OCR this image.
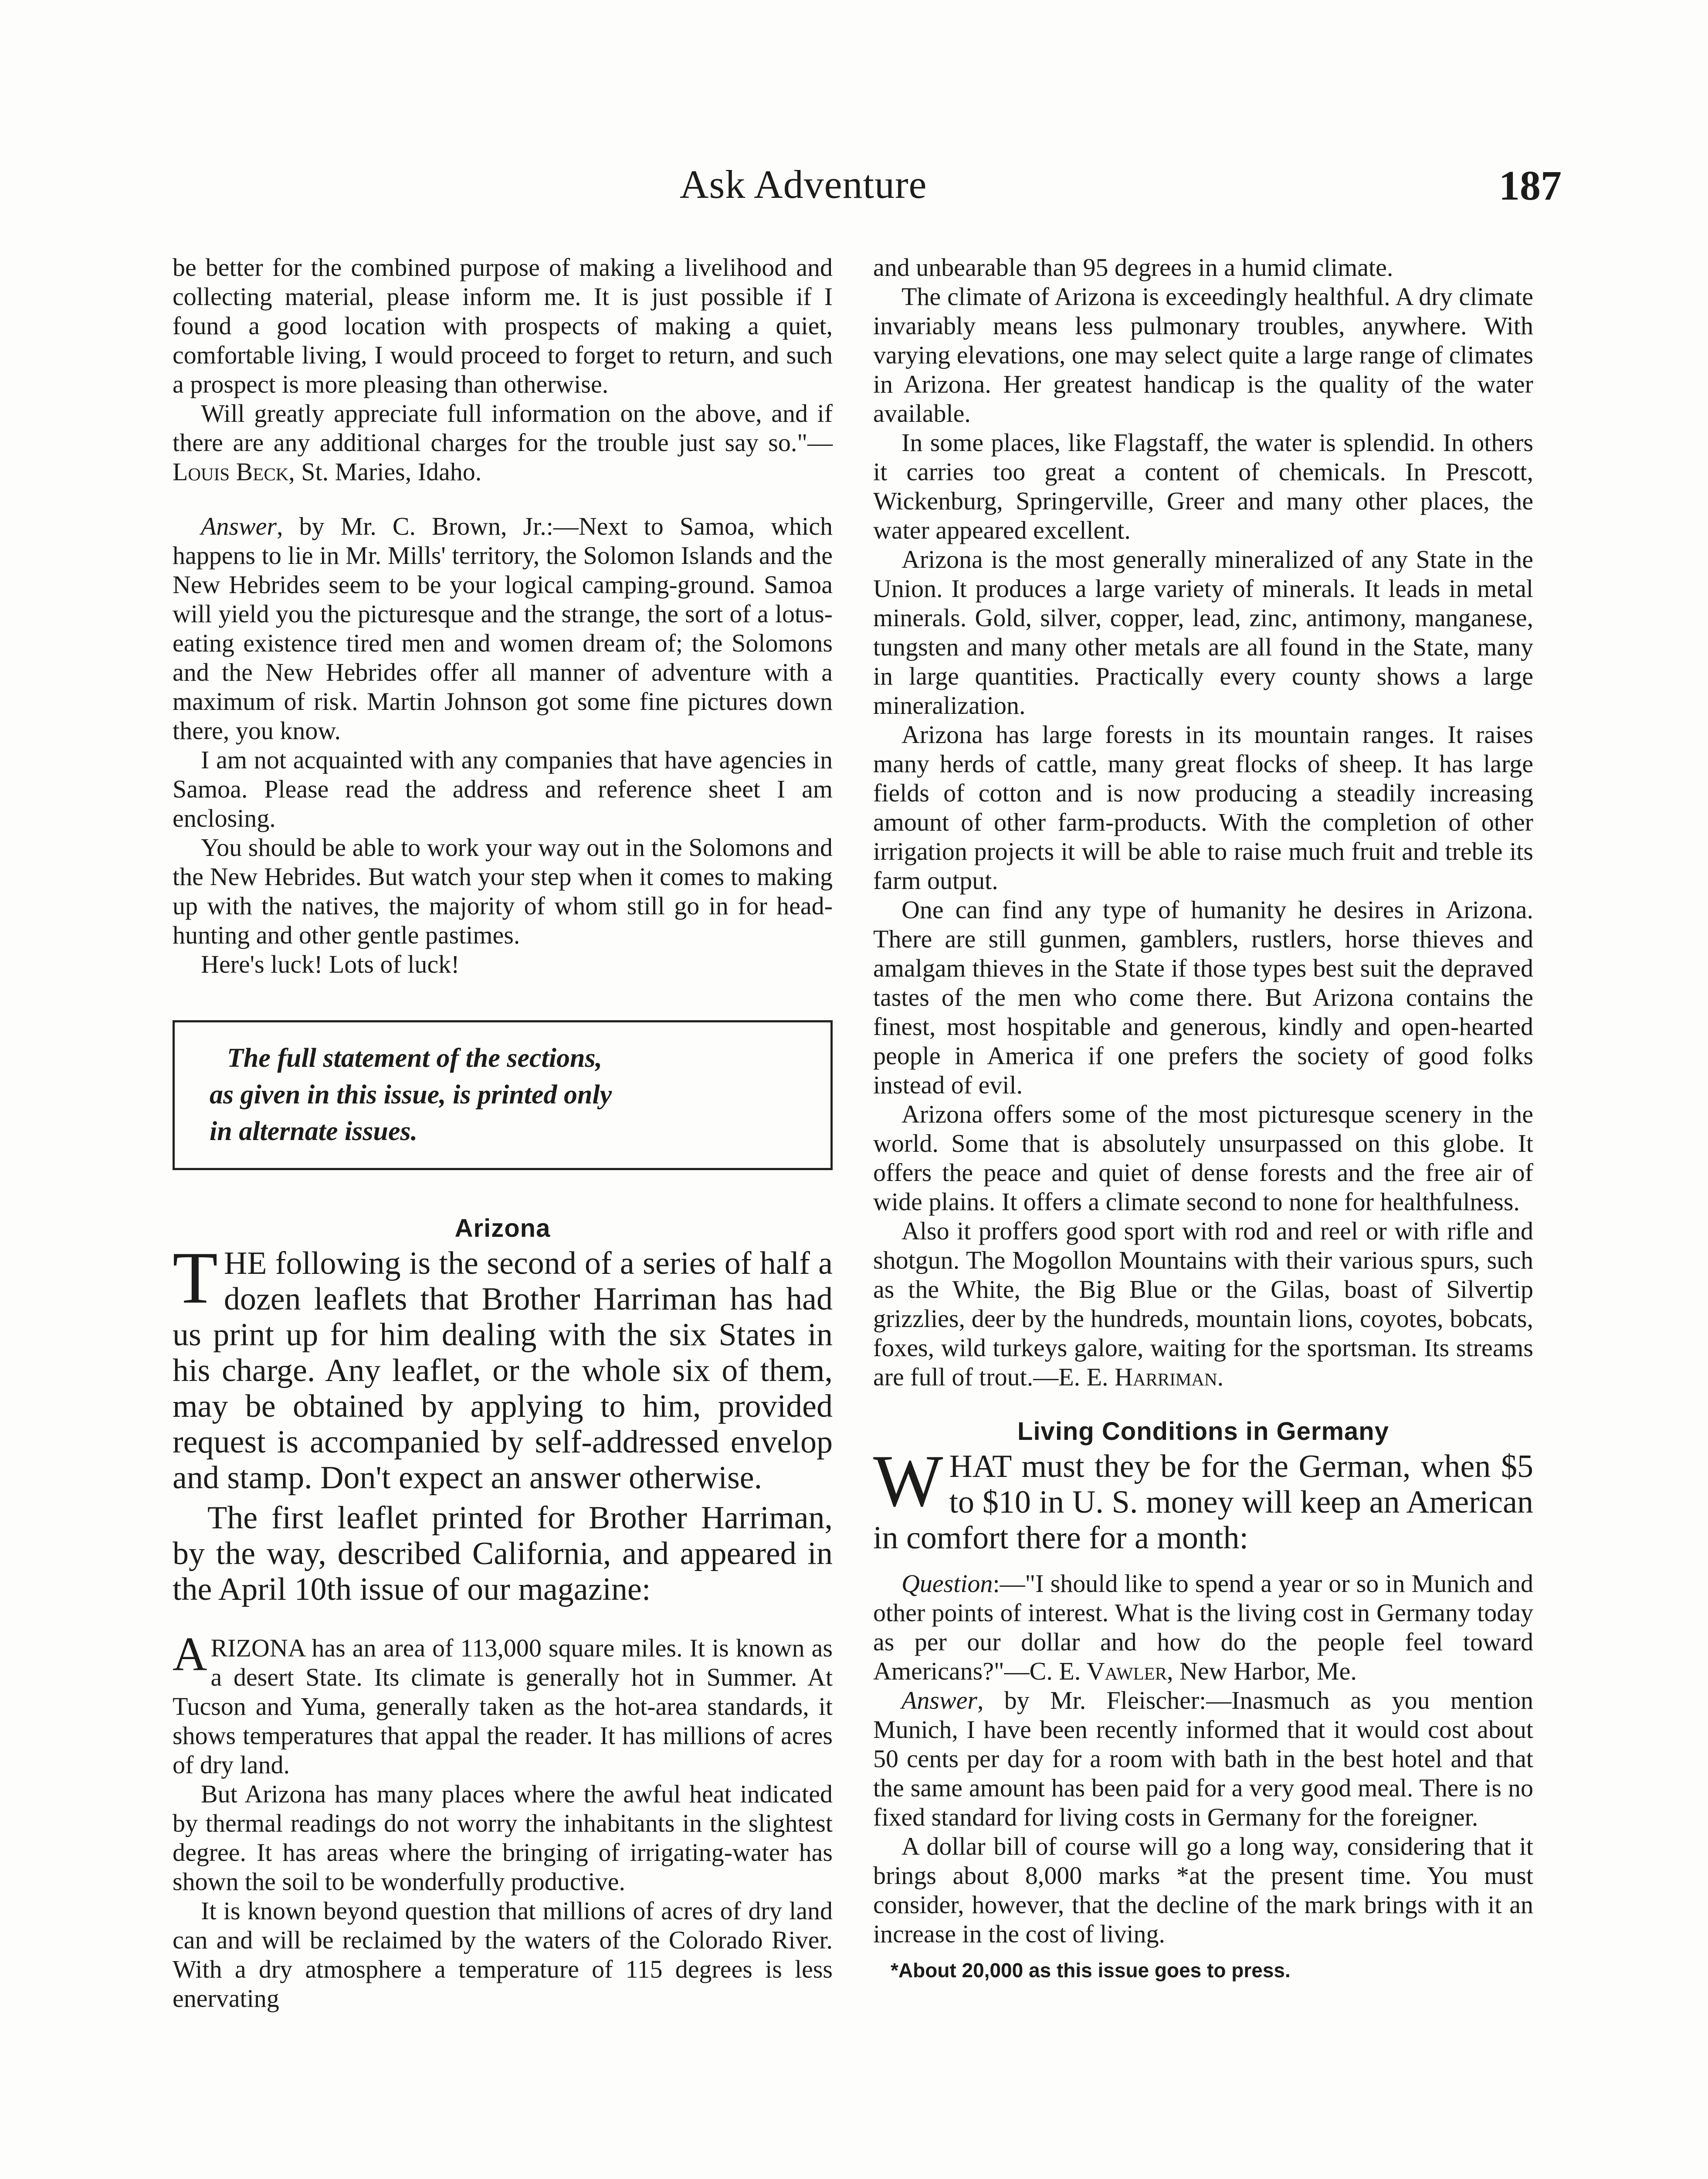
Ask Adventure	187

be better for the combined purpose of making a livelihood and collecting material, please inform me. It is just possible if I found a good location with prospects of making a quiet, comfortable living, I would proceed to forget to return, and such a prospect is more pleasing than otherwise.

Will greatly appreciate full information on the above, and if there are any additional charges for the trouble just say so."—Louis Beck, St. Maries, Idaho.

Answer, by Mr. C. Brown, Jr.:—Next to Samoa, which happens to lie in Mr. Mills' territory, the Solomon Islands and the New Hebrides seem to be your logical camping-ground. Samoa will yield you the picturesque and the strange, the sort of a lotus-eating existence tired men and women dream of; the Solomons and the New Hebrides offer all manner of adventure with a maximum of risk. Martin Johnson got some fine pictures down there, you know.

I am not acquainted with any companies that have agencies in Samoa. Please read the address and reference sheet I am enclosing.

You should be able to work your way out in the Solomons and the New Hebrides. But watch your step when it comes to making up with the natives, the majority of whom still go in for head-hunting and other gentle pastimes.

Here's luck! Lots of luck!

The full statement of the sections,

as given in this issue, is printed only

in alternate issues.

Arizona

THE following is the second of a series of half a dozen leaflets that Brother Harriman has had us print up for him dealing with the six States in his charge. Any leaflet, or the whole six of them, may be obtained by applying to him, provided request is accompanied by self-addressed envelop and stamp. Don't expect an answer otherwise.

The first leaflet printed for Brother Harriman, by the way, described California, and appeared in the April 10th issue of our magazine:

ARIZONA has an area of 113,000 square miles. It is known as a desert State. Its climate is generally hot in Summer. At Tucson and Yuma, generally taken as the hot-area standards, it shows temperatures that appal the reader. It has millions of acres of dry land.

But Arizona has many places where the awful heat indicated by thermal readings do not worry the inhabitants in the slightest degree. It has areas where the bringing of irrigating-water has shown the soil to be wonderfully productive.

It is known beyond question that millions of acres of dry land can and will be reclaimed by the waters of the Colorado River. With a dry atmosphere a temperature of 115 degrees is less enervating

and unbearable than 95 degrees in a humid climate.

The climate of Arizona is exceedingly healthful. A dry climate invariably means less pulmonary troubles, anywhere. With varying elevations, one may select quite a large range of climates in Arizona. Her greatest handicap is the quality of the water available.

In some places, like Flagstaff, the water is splendid. In others it carries too great a content of chemicals. In Prescott, Wickenburg, Springerville, Greer and many other places, the water appeared excellent.

Arizona is the most generally mineralized of any State in the Union. It produces a large variety of minerals. It leads in metal minerals. Gold, silver, copper, lead, zinc, antimony, manganese, tungsten and many other metals are all found in the State, many in large quantities. Practically every county shows a large mineralization.

Arizona has large forests in its mountain ranges. It raises many herds of cattle, many great flocks of sheep. It has large fields of cotton and is now producing a steadily increasing amount of other farm-products. With the completion of other irrigation projects it will be able to raise much fruit and treble its farm output.

One can find any type of humanity he desires in Arizona. There are still gunmen, gamblers, rustlers, horse thieves and amalgam thieves in the State if those types best suit the depraved tastes of the men who come there. But Arizona contains the finest, most hospitable and generous, kindly and open-hearted people in America if one prefers the society of good folks instead of evil.

Arizona offers some of the most picturesque scenery in the world. Some that is absolutely unsurpassed on this globe. It offers the peace and quiet of dense forests and the free air of wide plains. It offers a climate second to none for healthfulness.

Also it proffers good sport with rod and reel or with rifle and shotgun. The Mogollon Mountains with their various spurs, such as the White, the Big Blue or the Gilas, boast of Silvertip grizzlies, deer by the hundreds, mountain lions, coyotes, bobcats, foxes, wild turkeys galore, waiting for the sportsman. Its streams are full of trout.—E. E. Harriman.

Living Conditions in Germany

WHAT must they be for the German, when $5 to $10 in U. S. money will keep an American in comfort there for a month:

Question:—"I should like to spend a year or so in Munich and other points of interest. What is the living cost in Germany today as per our dollar and how do the people feel toward Americans?"—C. E. Vawler, New Harbor, Me.

Answer, by Mr. Fleischer:—Inasmuch as you mention Munich, I have been recently informed that it would cost about 50 cents per day for a room with bath in the best hotel and that the same amount has been paid for a very good meal. There is no fixed standard for living costs in Germany for the foreigner.

A dollar bill of course will go a long way, considering that it brings about 8,000 marks *at the present time. You must consider, however, that the decline of the mark brings with it an increase in the cost of living.

*About 20,000 as this issue goes to press.
